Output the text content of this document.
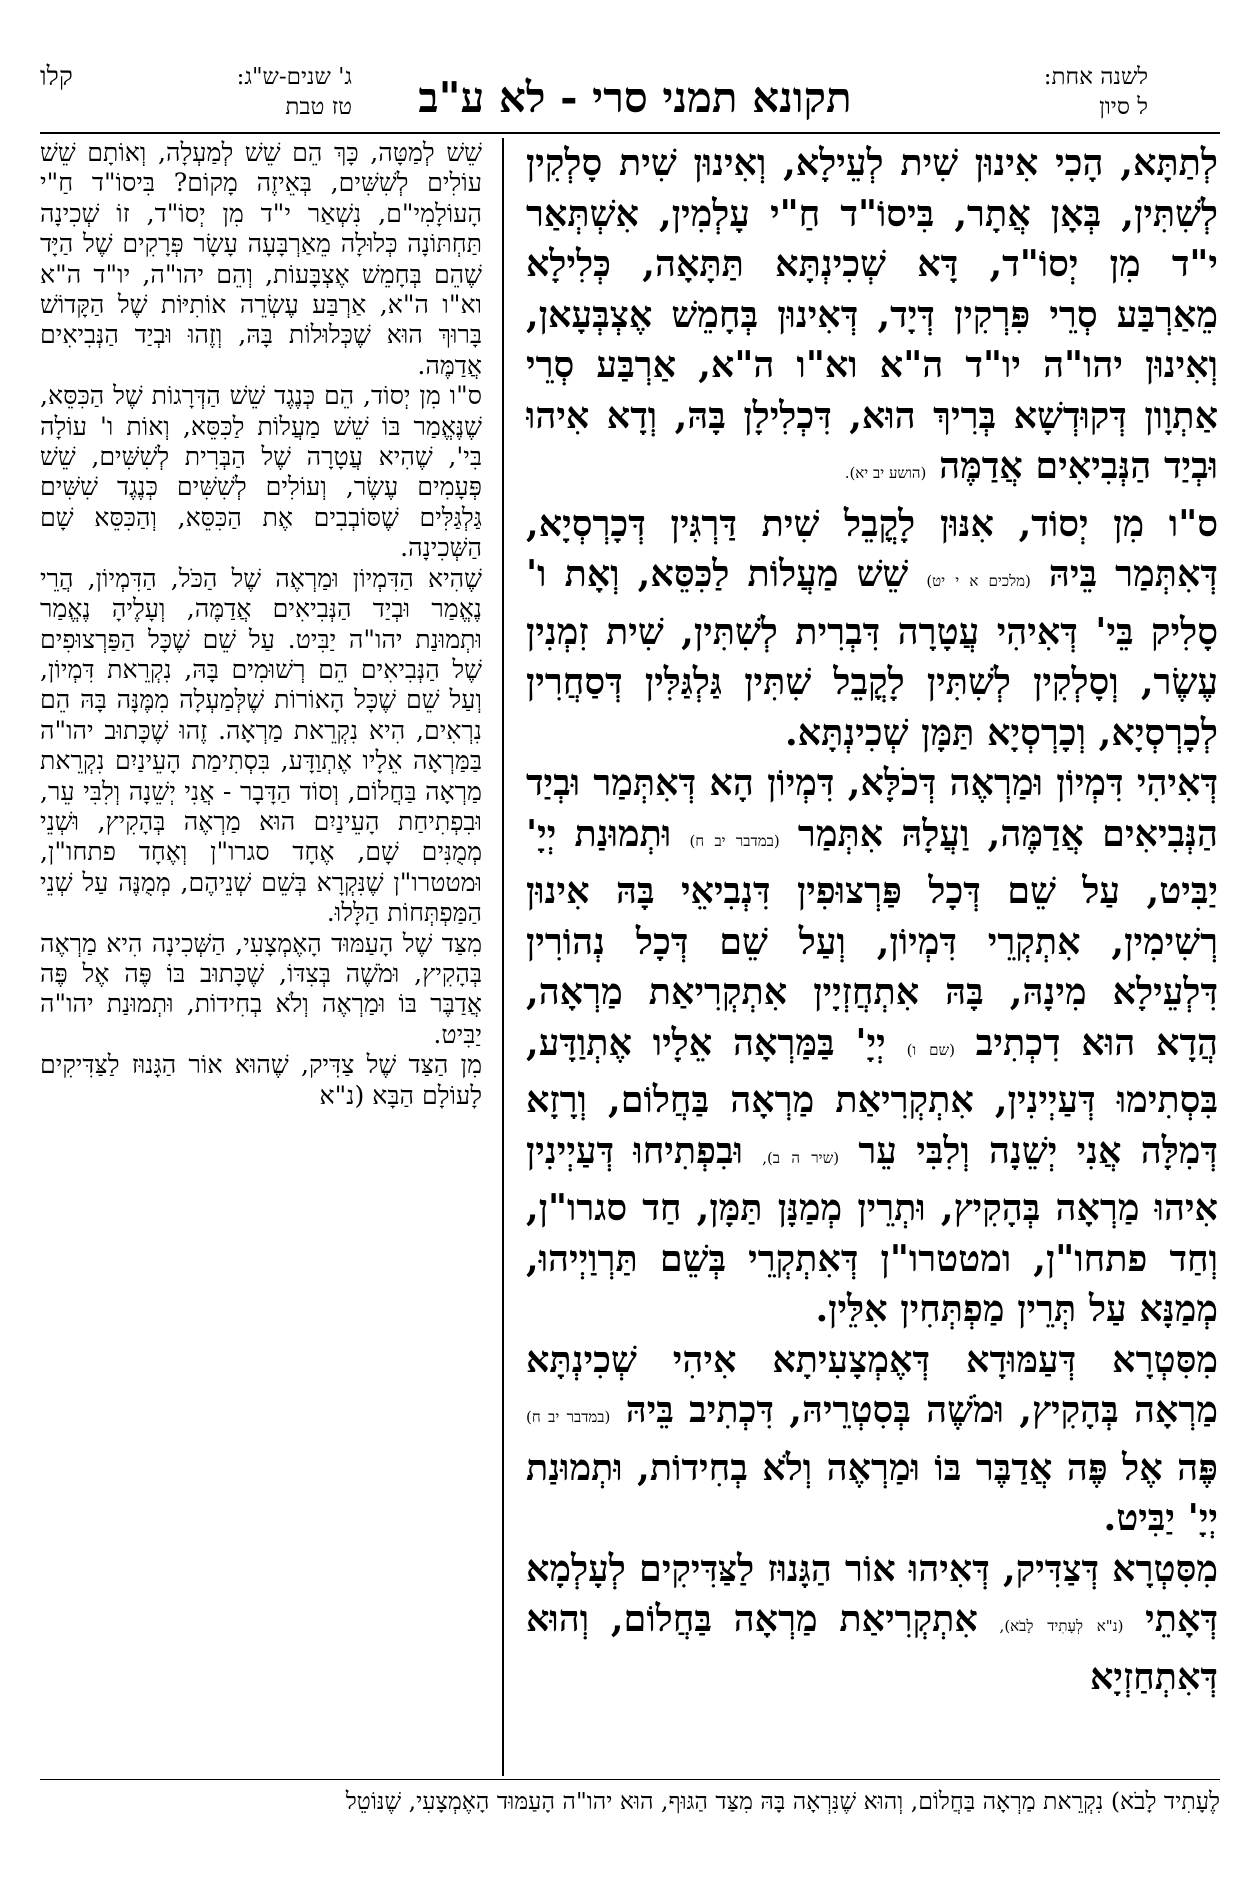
לשנה אחת:
ל סיון
תקונא תמני סרי - לא ע"ב
ג' שנים-ש"ג:
טז טבת
קלו

לְתַתָּא, הָכִי אִינוּן שִׁית לְעֵילָא, וְאִינוּן שִׁית סָלְקִין לְשִׁתִּין, בְּאָן אֲתָר, בִּיסוֹ"ד חַ"י עָלְמִין, אִשְׁתְּאַר י"ד מִן יְסוֹ"ד, דָּא שְׁכִינְתָּא תַּתָּאָה, כְּלִילָא מֵאַרְבַּע סְרֵי פִּרְקִין דְּיָד, דְּאִינוּן בְּחָמֵשׁ אֶצְבְּעָאן, וְאִינוּן יהו"ה יו"ד ה"א וא"ו ה"א, אַרְבַּע סְרֵי אַתְוָון דְּקוּדְשָׁא בְּרִיךְ הוּא, דִּכְלִילָן בָּהּ, וְדָא אִיהוּ וּבְיַד הַנְּבִיאִים אֲדַמֶּה (הושע יב יא).

ס"ו מִן יְסוֹד, אִנּוּן לָקֳבֵל שִׁית דַּרְגִּין דְּכָרְסְיָא, דְּאִתְּמַר בֵּיהּ (מלכים א י יט) שֵׁשׁ מַעֲלוֹת לַכִּסֵּא, וְאָת ו' סָלִיק בֵּי' דְּאִיהִי עֲטָרָה דִּבְרִית לְשִׁתִּין, שִׁית זִמְנִין עֶשֶׂר, וְסָלְקִין לְשִׁתִּין לָקֳבֵל שִׁתִּין גַּלְגַּלִּין דְּסַחֲרִין לְכָרְסְיָא, וְכָרְסְיָא תַּמָּן שְׁכִינְתָּא.

דְּאִיהִי דִּמְיוֹן וּמַרְאֶה דְּכֹלָּא, דִּמְיוֹן הָא דְּאִתְּמַר וּבְיַד הַנְּבִיאִים אֲדַמֶּה, וַעֲלָהּ אִתְּמַר (במדבר יב ח) וּתְמוּנַת יְיָ' יַבִּיט, עַל שֵׁם דְּכָל פַּרְצוּפִין דִּנְבִיאֵי בָּהּ אִינוּן רְשִׁימִין, אִתְקְרֵי דִּמְיוֹן, וְעַל שֵׁם דְּכָל נְהוֹרִין דִּלְעֵילָא מִינָהּ, בָּהּ אִתְחֲזְיָין אִתְקְרִיאַת מַרְאָה, הֲדָא הוּא דִכְתִיב (שם ו) יְיָ' בַּמַּרְאָה אֵלָיו אֶתְוַדָּע, בִּסְתִימוּ דְּעַיְינִין, אִתְקְרִיאַת מַרְאָה בַּחֲלוֹם, וְרָזָא דְּמִלָּה אֲנִי יְשֵׁנָה וְלִבִּי עֵר (שיר ה ב), וּבִפְתִיחוּ דְּעַיְינִין אִיהוּ מַרְאָה בְּהָקִיץ, וּתְרֵין מְמַנָּן תַּמָּן, חַד סגרו"ן, וְחַד פתחו"ן, ומטטרו"ן דְּאִתְקְרֵי בְּשֵׁם תַּרְוַיְיהוּ, מְמַנָּא עַל תְּרֵין מַפְתְּחִין אִלֵּין.

מִסִּטְרָא דְּעַמּוּדָא דְּאֶמְצָעִיתָא אִיהִי שְׁכִינְתָּא מַרְאָה בְּהָקִיץ, וּמֹשֶׁה בְּסִטְרֵיהּ, דִּכְתִיב בֵּיהּ (במדבר יב ח) פֶּה אֶל פֶּה אֲדַבֶּר בּוֹ וּמַרְאֶה וְלֹא בְחִידוֹת, וּתְמוּנַת יְיָ' יַבִּיט.

מִסִּטְרָא דְּצַדִּיק, דְּאִיהוּ אוֹר הַגָּנוּז לַצַּדִּיקִים לְעָלְמָא דְּאָתֵי (נ"א לְעָתִיד לָבֹא), אִתְקְרִיאַת מַרְאָה בַּחֲלוֹם, וְהוּא דְּאִתְחַזְיָא

שֵׁשׁ לְמַטָּה, כָּךְ הֵם שֵׁשׁ לְמַעְלָה, וְאוֹתָם שֵׁשׁ עוֹלִים לְשִׁשִּׁים, בְּאֵיזֶה מָקוֹם? בִּיסוֹ"ד חַ"י הָעוֹלָמִי"ם, נִשְׁאַר י"ד מִן יְסוֹ"ד, זוֹ שְׁכִינָה תַּחְתּוֹנָה כְּלוּלָה מֵאַרְבָּעָה עָשָׂר פְּרָקִים שֶׁל הַיָּד שֶׁהֵם בְּחָמֵשׁ אֶצְבָּעוֹת, וְהֵם יהו"ה, יו"ד ה"א וא"ו ה"א, אַרְבַּע עֶשְׂרֵה אוֹתִיּוֹת שֶׁל הַקָּדוֹשׁ בָּרוּךְ הוּא שֶׁכְּלוּלוֹת בָּהּ, וְזֶהוּ וּבְיַד הַנְּבִיאִים אֲדַמֶּה.

ס"ו מִן יְסוֹד, הֵם כְּנֶגֶד שֵׁשׁ הַדְּרָגוֹת שֶׁל הַכִּסֵּא, שֶׁנֶּאֱמַר בּוֹ שֵׁשׁ מַעֲלוֹת לַכִּסֵּא, וְאוֹת ו' עוֹלָה בִּי', שֶׁהִיא עֲטָרָה שֶׁל הַבְּרִית לְשִׁשִּׁים, שֵׁשׁ פְּעָמִים עֶשֶׂר, וְעוֹלִים לְשִׁשִּׁים כְּנֶגֶד שִׁשִּׁים גַּלְגַּלִּים שֶׁסּוֹבְבִים אֶת הַכִּסֵּא, וְהַכִּסֵּא שָׁם הַשְּׁכִינָה.

שֶׁהִיא הַדִּמְיוֹן וּמַרְאֶה שֶׁל הַכֹּל, הַדִּמְיוֹן, הֲרֵי נֶאֱמַר וּבְיַד הַנְּבִיאִים אֲדַמֶּה, וְעָלֶיהָ נֶאֱמַר וּתְמוּנַת יהו"ה יַבִּיט. עַל שֵׁם שֶׁכָּל הַפַּרְצוּפִים שֶׁל הַנְּבִיאִים הֵם רְשׁוּמִים בָּהּ, נִקְרֵאת דִּמְיוֹן, וְעַל שֵׁם שֶׁכָּל הָאוֹרוֹת שֶׁלְּמַעְלָה מִמֶּנָּה בָּהּ הֵם נִרְאִים, הִיא נִקְרֵאת מַרְאָה. זֶהוּ שֶׁכָּתוּב יהו"ה בַּמַּרְאָה אֵלָיו אֶתְוַדָּע, בִּסְתִימַת הָעֵינַיִם נִקְרֵאת מַרְאָה בַּחֲלוֹם, וְסוֹד הַדָּבָר - אֲנִי יְשֵׁנָה וְלִבִּי עֵר, וּבִפְתִיחַת הָעֵינַיִם הוּא מַרְאֶה בְּהָקִיץ, וּשְׁנֵי מְמֻנִּים שָׁם, אֶחָד סגרו"ן וְאֶחָד פתחו"ן, וּמטטרו"ן שֶׁנִּקְרָא בְּשֵׁם שְׁנֵיהֶם, מְמֻנֶּה עַל שְׁנֵי הַמַּפְתְּחוֹת הַלָּלוּ.

מִצַּד שֶׁל הָעַמּוּד הָאֶמְצָעִי, הַשְּׁכִינָה הִיא מַרְאֶה בְּהָקִיץ, וּמֹשֶׁה בְּצִדּוֹ, שֶׁכָּתוּב בּוֹ פֶּה אֶל פֶּה אֲדַבֶּר בּוֹ וּמַרְאֶה וְלֹא בְחִידוֹת, וּתְמוּנַת יהו"ה יַבִּיט.

מִן הַצַּד שֶׁל צַדִּיק, שֶׁהוּא אוֹר הַגָּנוּז לַצַּדִּיקִים לָעוֹלָם הַבָּא (נ"א

לֶעָתִיד לָבֹא) נִקְרֵאת מַרְאָה בַּחֲלוֹם, וְהוּא שֶׁנִּרְאָה בָּהּ מִצַּד הַגּוּף, הוּא יהו"ה הָעַמּוּד הָאֶמְצָעִי, שֶׁנּוֹטֵל
